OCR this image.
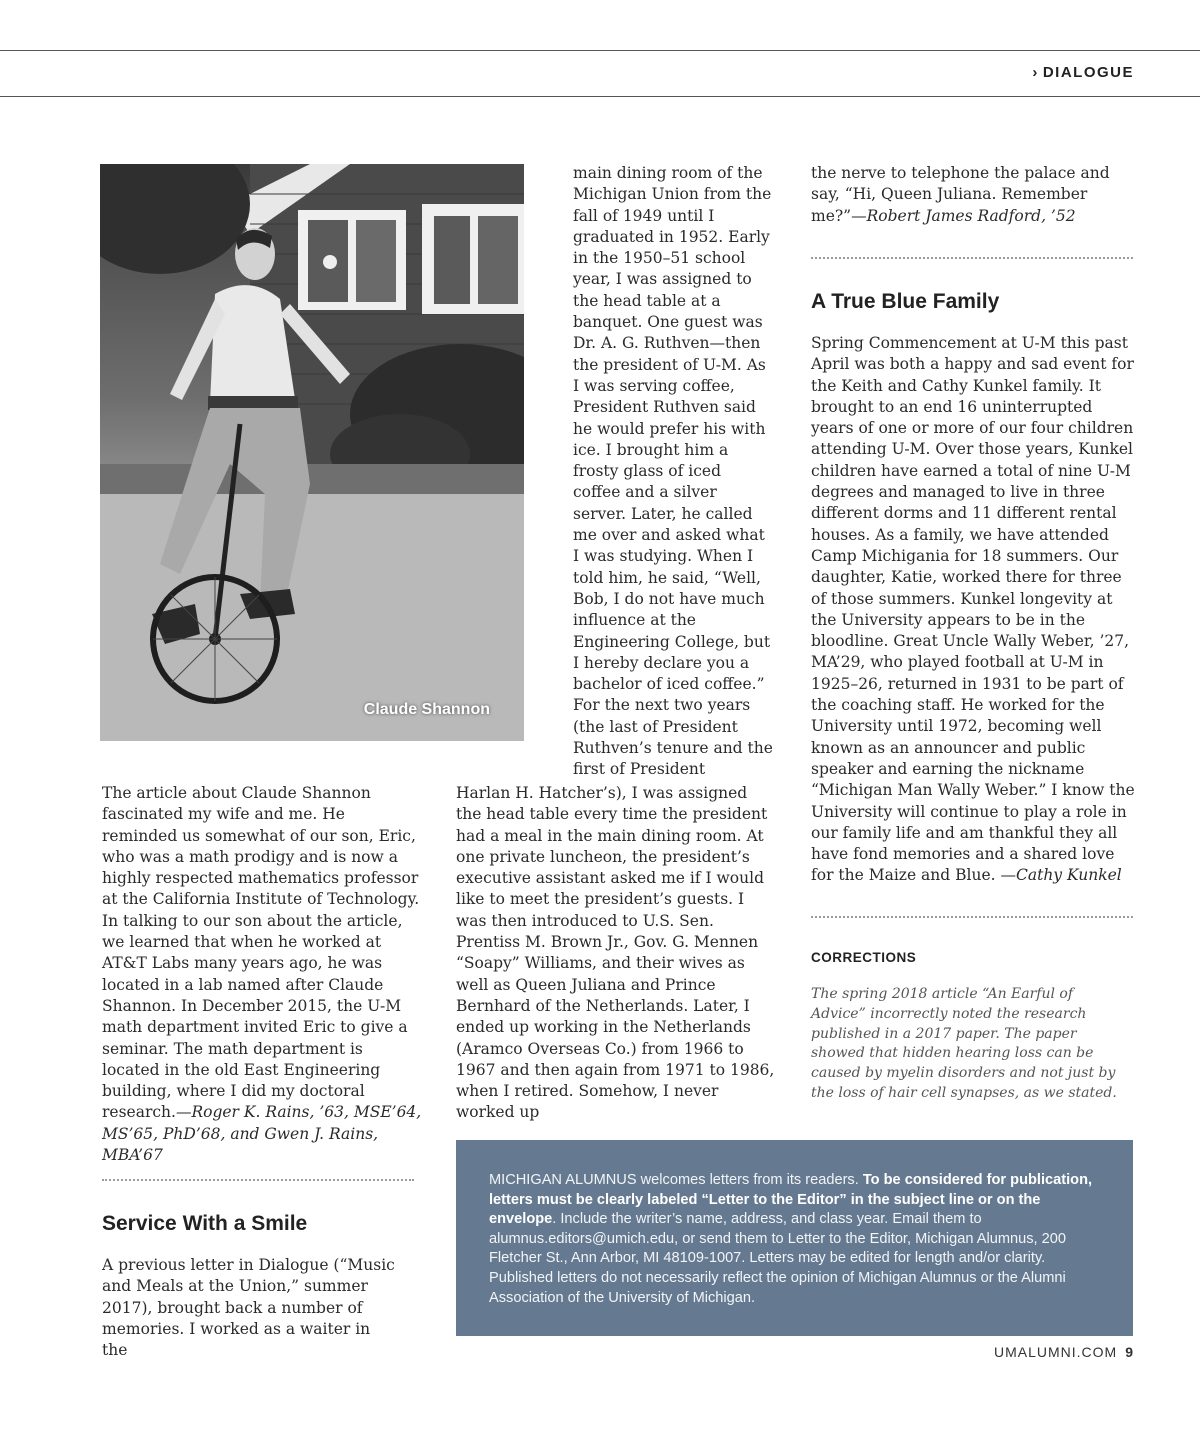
› DIALOGUE
Claude Shannon

The article about Claude Shannon fascinated my wife and me. He reminded us somewhat of our son, Eric, who was a math prodigy and is now a highly respected mathematics professor at the California Institute of Technology. In talking to our son about the article, we learned that when he worked at AT&T Labs many years ago, he was located in a lab named after Claude Shannon. In December 2015, the U-M math department invited Eric to give a seminar. The math department is located in the old East Engineering building, where I did my doctoral research.—Roger K. Rains, ’63, MSE’64, MS’65, PhD’68, and Gwen J. Rains, MBA’67

Service With a Smile

A previous letter in Dialogue (“Music and Meals at the Union,” summer 2017), brought back a number of memories. I worked as a waiter in the

main dining room of the Michigan Union from the fall of 1949 until I graduated in 1952. Early in the 1950–51 school year, I was assigned to the head table at a banquet. One guest was Dr. A. G. Ruthven—then the president of U-M. As I was serving coffee, President Ruthven said he would prefer his with ice. I brought him a frosty glass of iced coffee and a silver server. Later, he called me over and asked what I was studying. When I told him, he said, “Well, Bob, I do not have much influence at the Engineering College, but I hereby declare you a bachelor of iced coffee.” For the next two years (the last of President Ruthven’s tenure and the first of President

Harlan H. Hatcher’s), I was assigned the head table every time the president had a meal in the main dining room. At one private luncheon, the president’s executive assistant asked me if I would like to meet the president’s guests. I was then introduced to U.S. Sen. Prentiss M. Brown Jr., Gov. G. Mennen “Soapy” Williams, and their wives as well as Queen Juliana and Prince Bernhard of the Netherlands. Later, I ended up working in the Netherlands (Aramco Overseas Co.) from 1966 to 1967 and then again from 1971 to 1986, when I retired. Somehow, I never worked up

the nerve to telephone the palace and say, “Hi, Queen Juliana. Remember me?”—Robert James Radford, ’52

A True Blue Family

Spring Commencement at U-M this past April was both a happy and sad event for the Keith and Cathy Kunkel family. It brought to an end 16 uninterrupted years of one or more of our four children attending U-M. Over those years, Kunkel children have earned a total of nine U-M degrees and managed to live in three different dorms and 11 different rental houses. As a family, we have attended Camp Michigania for 18 summers. Our daughter, Katie, worked there for three of those summers. Kunkel longevity at the University appears to be in the bloodline. Great Uncle Wally Weber, ’27, MA’29, who played football at U-M in 1925–26, returned in 1931 to be part of the coaching staff. He worked for the University until 1972, becoming well known as an announcer and public speaker and earning the nickname “Michigan Man Wally Weber.” I know the University will continue to play a role in our family life and am thankful they all have fond memories and a shared love for the Maize and Blue. —Cathy Kunkel

CORRECTIONS

The spring 2018 article “An Earful of Advice” incorrectly noted the research published in a 2017 paper. The paper showed that hidden hearing loss can be caused by myelin disorders and not just by the loss of hair cell synapses, as we stated.

MICHIGAN ALUMNUS welcomes letters from its readers. To be considered for publication, letters must be clearly labeled “Letter to the Editor” in the subject line or on the envelope. Include the writer’s name, address, and class year. Email them to alumnus.editors@umich.edu, or send them to Letter to the Editor, Michigan Alumnus, 200 Fletcher St., Ann Arbor, MI 48109-1007. Letters may be edited for length and/or clarity. Published letters do not necessarily reflect the opinion of Michigan Alumnus or the Alumni Association of the University of Michigan.
UMALUMNI.COM 9
